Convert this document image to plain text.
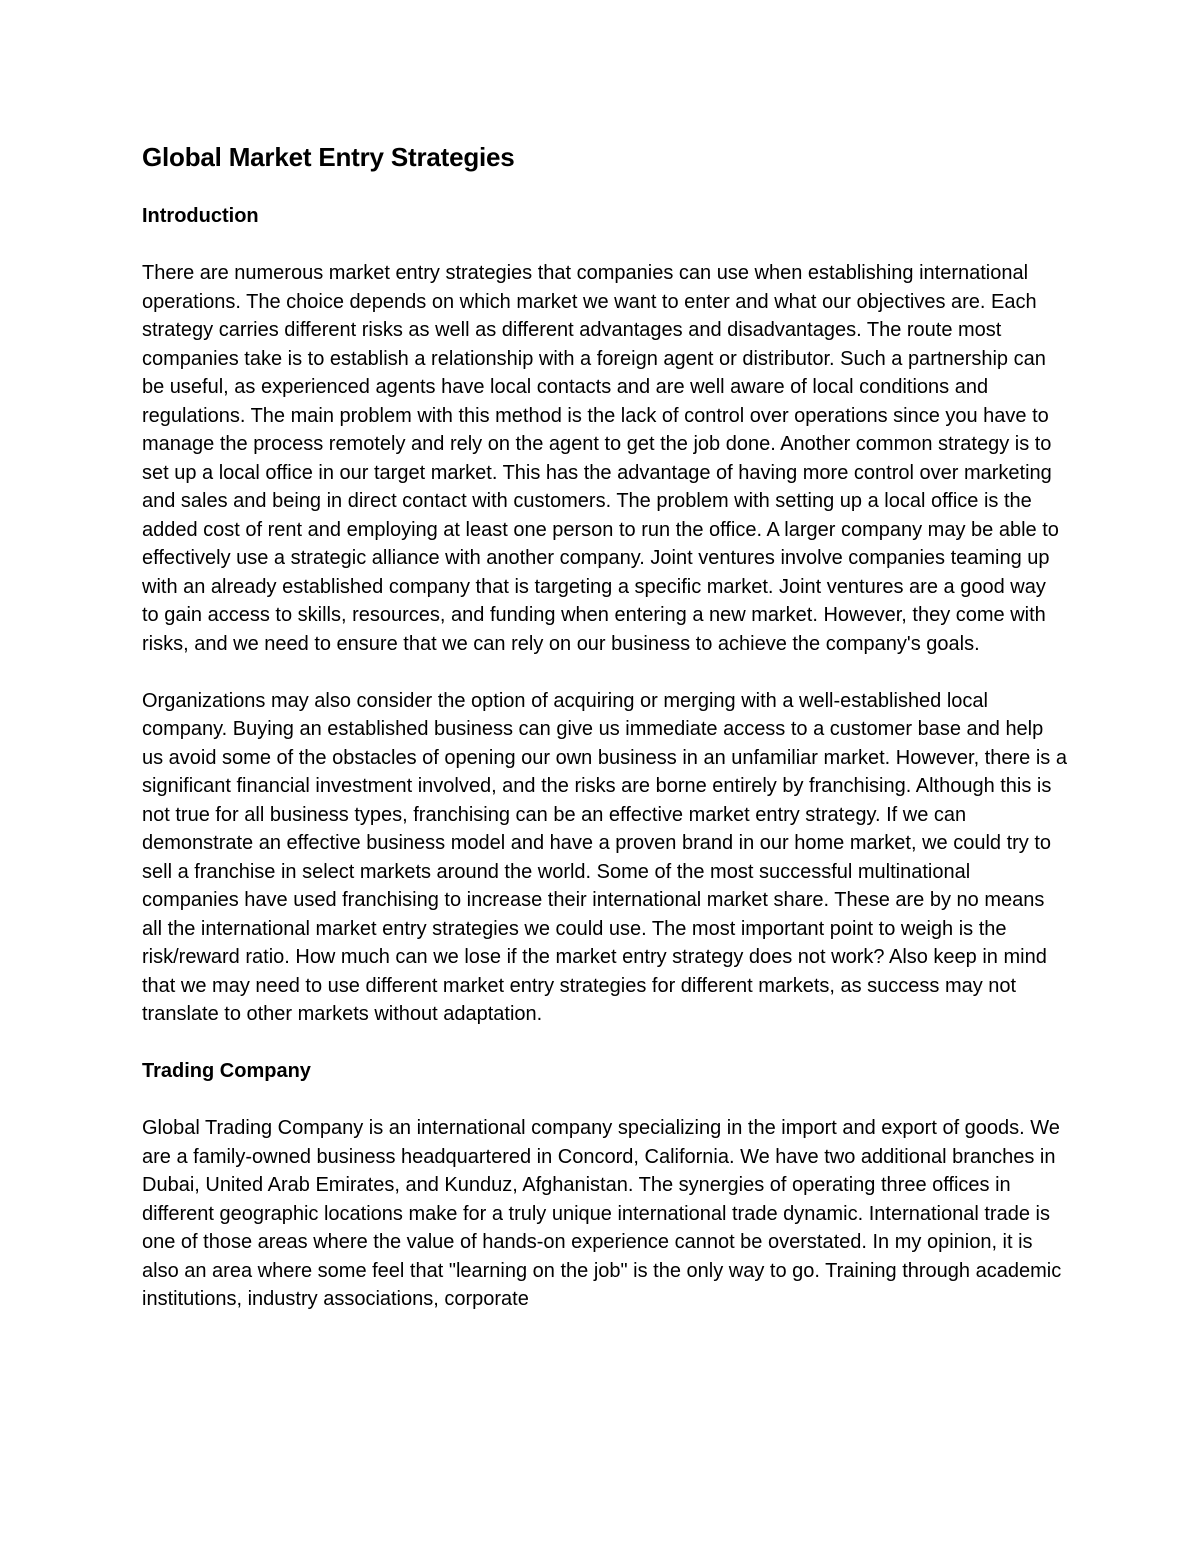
Global Market Entry Strategies
Introduction

There are numerous market entry strategies that companies can use when establishing international operations. The choice depends on which market we want to enter and what our objectives are. Each strategy carries different risks as well as different advantages and disadvantages. The route most companies take is to establish a relationship with a foreign agent or distributor. Such a partnership can be useful, as experienced agents have local contacts and are well aware of local conditions and regulations. The main problem with this method is the lack of control over operations since you have to manage the process remotely and rely on the agent to get the job done. Another common strategy is to set up a local office in our target market. This has the advantage of having more control over marketing and sales and being in direct contact with customers. The problem with setting up a local office is the added cost of rent and employing at least one person to run the office. A larger company may be able to effectively use a strategic alliance with another company. Joint ventures involve companies teaming up with an already established company that is targeting a specific market. Joint ventures are a good way to gain access to skills, resources, and funding when entering a new market. However, they come with risks, and we need to ensure that we can rely on our business to achieve the company's goals.

Organizations may also consider the option of acquiring or merging with a well-established local company. Buying an established business can give us immediate access to a customer base and help us avoid some of the obstacles of opening our own business in an unfamiliar market. However, there is a significant financial investment involved, and the risks are borne entirely by franchising. Although this is not true for all business types, franchising can be an effective market entry strategy. If we can demonstrate an effective business model and have a proven brand in our home market, we could try to sell a franchise in select markets around the world. Some of the most successful multinational companies have used franchising to increase their international market share. These are by no means all the international market entry strategies we could use. The most important point to weigh is the risk/reward ratio. How much can we lose if the market entry strategy does not work? Also keep in mind that we may need to use different market entry strategies for different markets, as success may not translate to other markets without adaptation.

Trading Company

Global Trading Company is an international company specializing in the import and export of goods. We are a family-owned business headquartered in Concord, California. We have two additional branches in Dubai, United Arab Emirates, and Kunduz, Afghanistan. The synergies of operating three offices in different geographic locations make for a truly unique international trade dynamic. International trade is one of those areas where the value of hands-on experience cannot be overstated. In my opinion, it is also an area where some feel that "learning on the job" is the only way to go. Training through academic institutions, industry associations, corporate
